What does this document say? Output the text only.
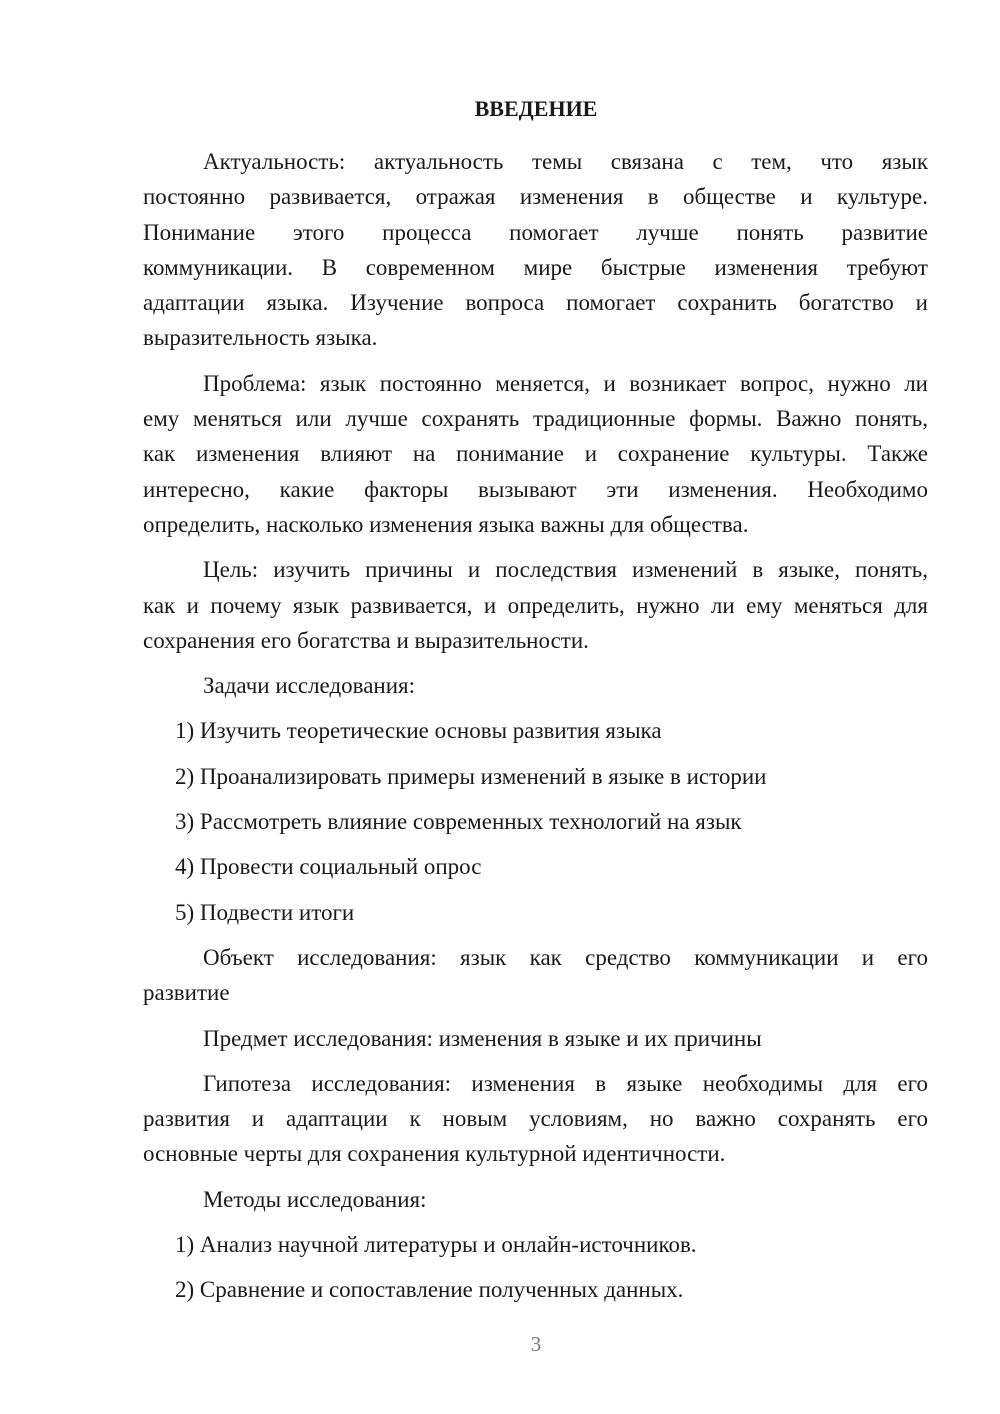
ВВЕДЕНИЕ
Актуальность: актуальность темы связана с тем, что язык
постоянно развивается, отражая изменения в обществе и культуре.
Понимание этого процесса помогает лучше понять развитие
коммуникации. В современном мире быстрые изменения требуют
адаптации языка. Изучение вопроса помогает сохранить богатство и
выразительность языка.
Проблема: язык постоянно меняется, и возникает вопрос, нужно ли
ему меняться или лучше сохранять традиционные формы. Важно понять,
как изменения влияют на понимание и сохранение культуры. Также
интересно, какие факторы вызывают эти изменения. Необходимо
определить, насколько изменения языка важны для общества.
Цель: изучить причины и последствия изменений в языке, понять,
как и почему язык развивается, и определить, нужно ли ему меняться для
сохранения его богатства и выразительности.
Задачи исследования:
1) Изучить теоретические основы развития языка
2) Проанализировать примеры изменений в языке в истории
3) Рассмотреть влияние современных технологий на язык
4) Провести социальный опрос
5) Подвести итоги
Объект исследования: язык как средство коммуникации и его
развитие
Предмет исследования: изменения в языке и их причины
Гипотеза исследования: изменения в языке необходимы для его
развития и адаптации к новым условиям, но важно сохранять его
основные черты для сохранения культурной идентичности.
Методы исследования:
1) Анализ научной литературы и онлайн-источников.
2) Сравнение и сопоставление полученных данных.
3
